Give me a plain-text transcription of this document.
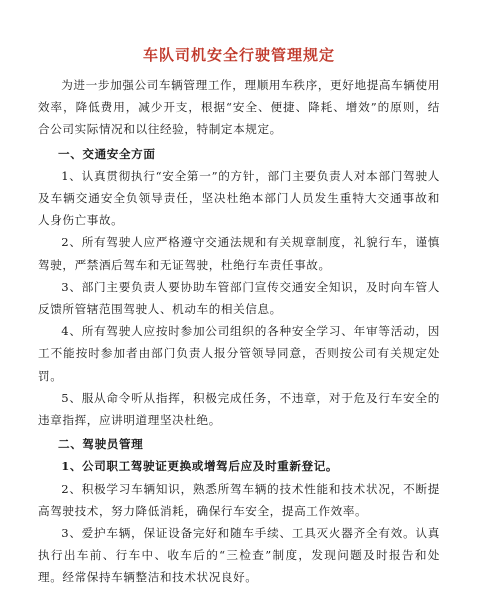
车队司机安全行驶管理规定

为进一步加强公司车辆管理工作，理顺用车秩序，更好地提高车辆使用效率，降低费用，减少开支，根据“安全、便捷、降耗、增效”的原则，结合公司实际情况和以往经验，特制定本规定。

一、交通安全方面

1、认真贯彻执行“安全第一”的方针，部门主要负责人对本部门驾驶人及车辆交通安全负领导责任，坚决杜绝本部门人员发生重特大交通事故和人身伤亡事故。

2、所有驾驶人应严格遵守交通法规和有关规章制度，礼貌行车，谨慎驾驶，严禁酒后驾车和无证驾驶，杜绝行车责任事故。

3、部门主要负责人要协助车管部门宣传交通安全知识，及时向车管人反馈所管辖范围驾驶人、机动车的相关信息。

4、所有驾驶人应按时参加公司组织的各种安全学习、年审等活动，因工不能按时参加者由部门负责人报分管领导同意，否则按公司有关规定处罚。

5、服从命令听从指挥，积极完成任务，不违章，对于危及行车安全的违章指挥，应讲明道理坚决杜绝。

二、驾驶员管理

1、公司职工驾驶证更换或增驾后应及时重新登记。

2、积极学习车辆知识，熟悉所驾车辆的技术性能和技术状况，不断提高驾驶技术，努力降低消耗，确保行车安全，提高工作效率。

3、爱护车辆，保证设备完好和随车手续、工具灭火器齐全有效。认真执行出车前、行车中、收车后的“三检查”制度，发现问题及时报告和处理。经常保持车辆整洁和技术状况良好。
